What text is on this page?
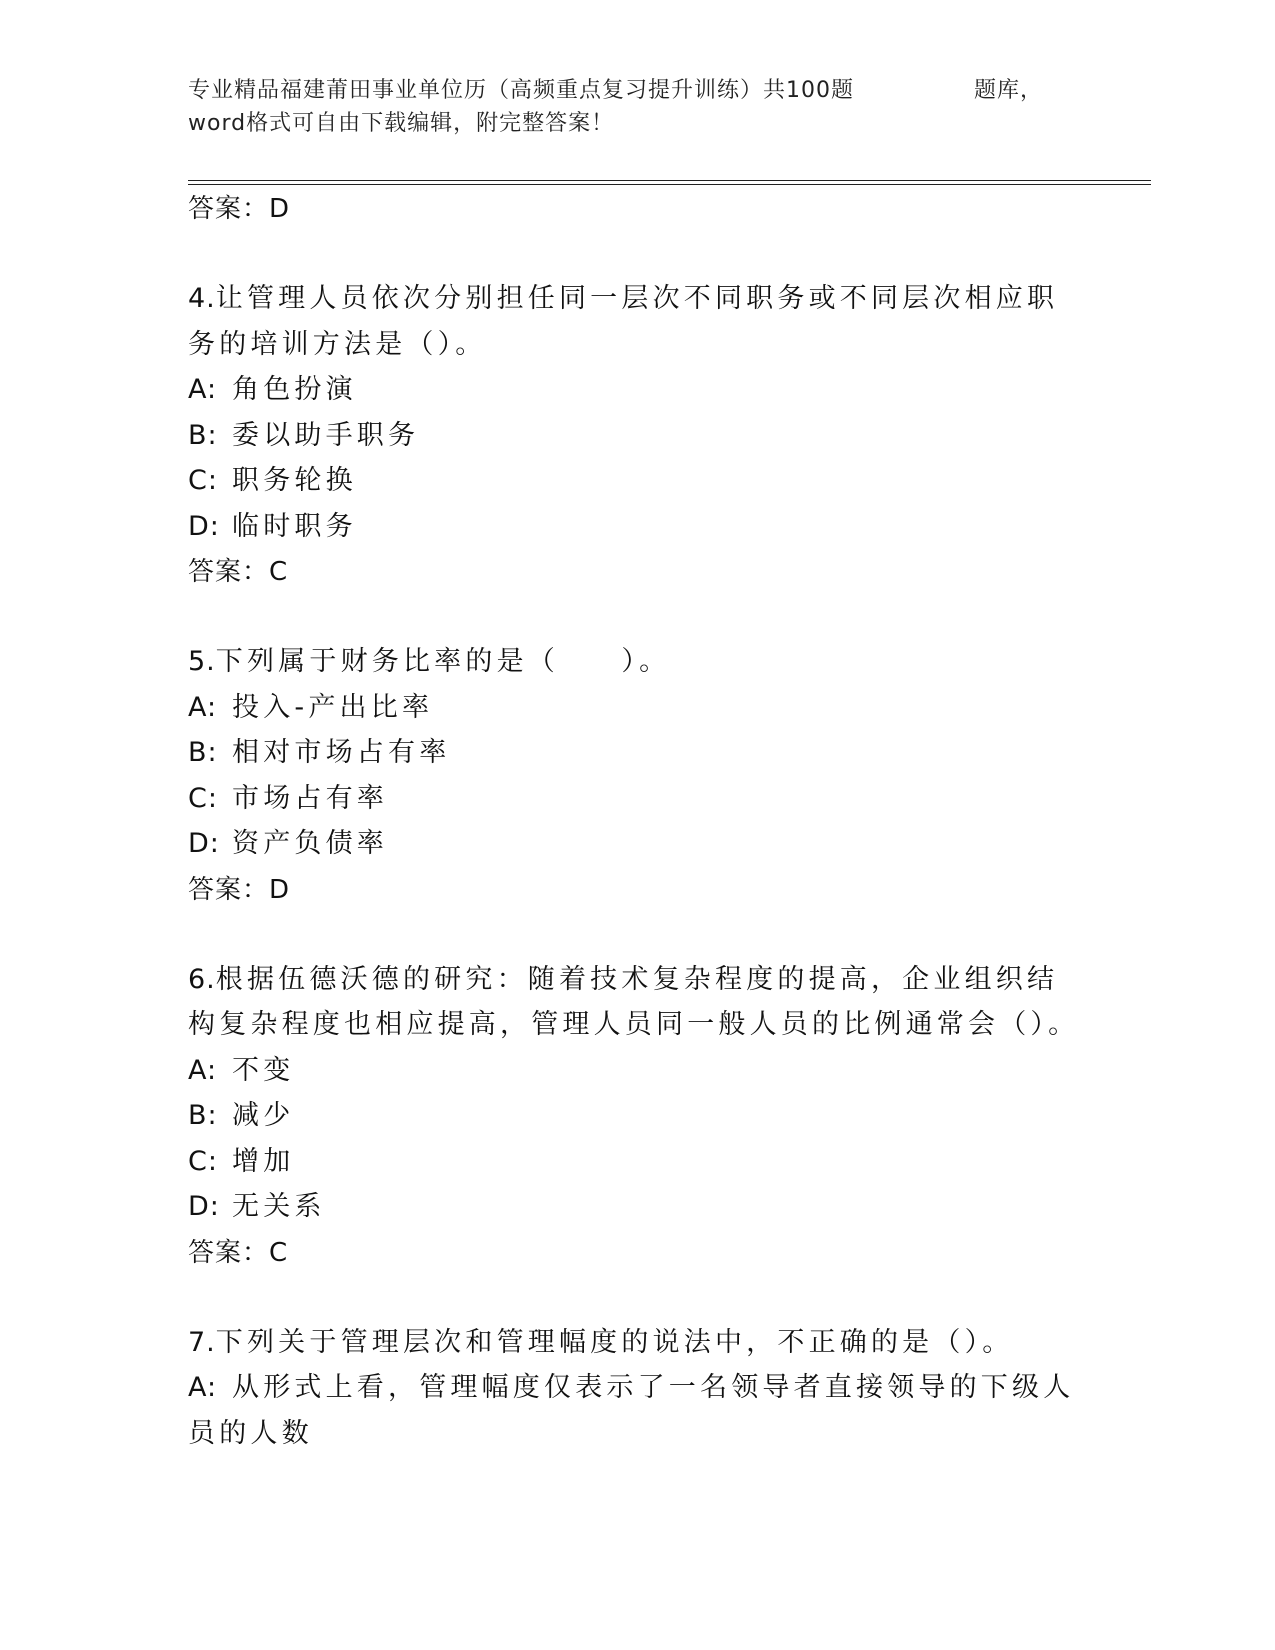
专业精品福建莆田事业单位历（高频重点复习提升训练）共100题	题库，
word格式可自由下载编辑，附完整答案！
答案：D
4.让管理人员依次分别担任同一层次不同职务或不同层次相应职务的培训方法是（）。
A: 角色扮演
B: 委以助手职务
C: 职务轮换
D: 临时职务
答案：C
5.下列属于财务比率的是（　　）。
A: 投入-产出比率
B: 相对市场占有率
C: 市场占有率
D: 资产负债率
答案：D
6.根据伍德沃德的研究：随着技术复杂程度的提高，企业组织结构复杂程度也相应提高，管理人员同一般人员的比例通常会（）。
A: 不变
B: 减少
C: 增加
D: 无关系
答案：C
7.下列关于管理层次和管理幅度的说法中，不正确的是（）。
A: 从形式上看，管理幅度仅表示了一名领导者直接领导的下级人员的人数
